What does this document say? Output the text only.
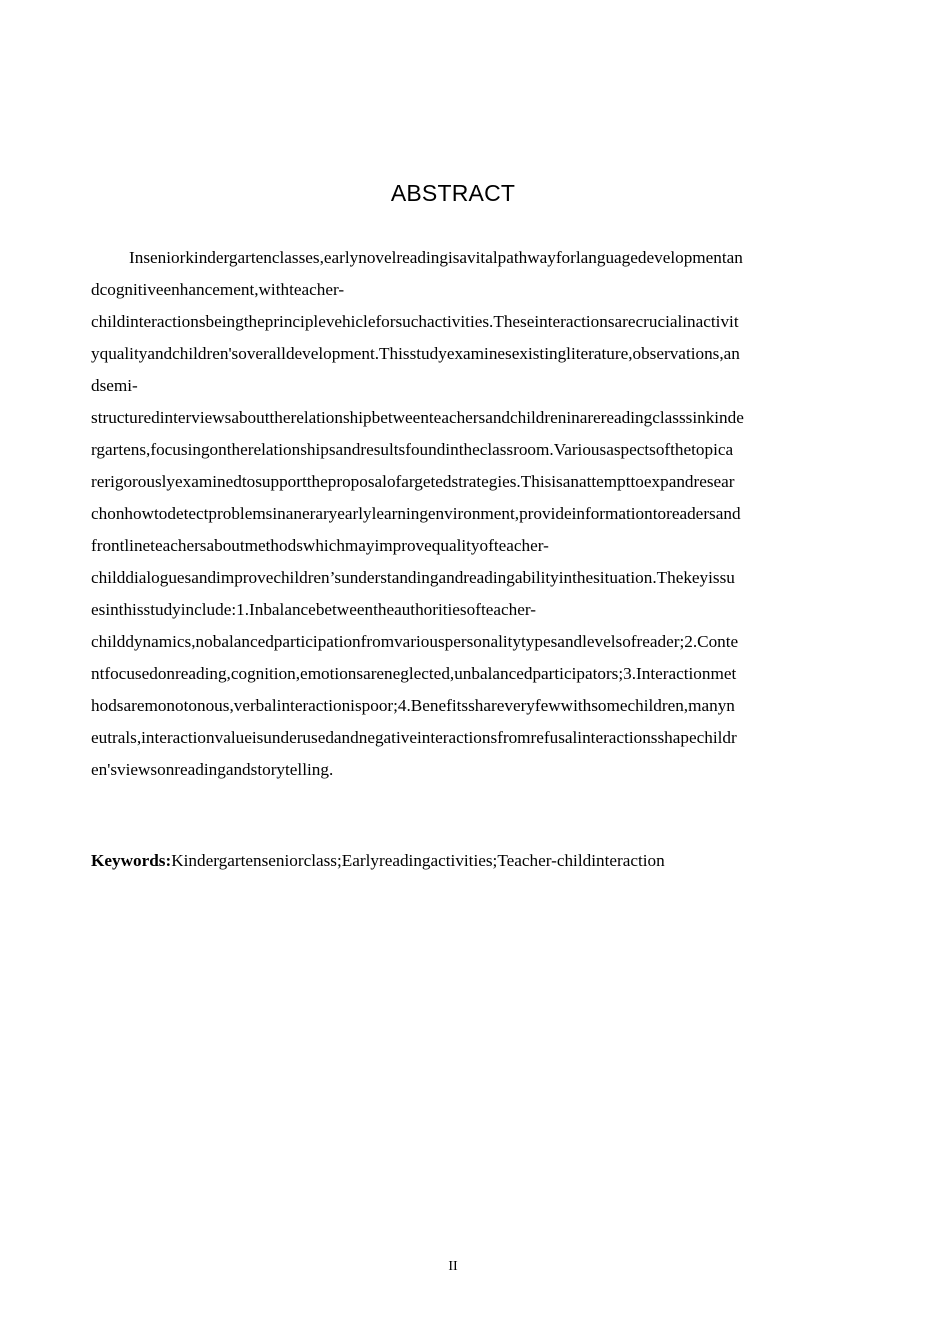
ABSTRACT
Inseniorkindergartenclasses,earlynovelreadingisavitalpathwayforlanguagedevelopmentan
dcognitiveenhancement,withteacher-
childinteractionsbeingtheprinciplevehicleforsuchactivities.Theseinteractionsarecrucialinactivit
yqualityandchildren'soveralldevelopment.Thisstudyexaminesexistingliterature,observations,an
dsemi-
structuredinterviewsabouttherelationshipbetweenteachersandchildreninarereadingclasssinkinde
rgartens,focusingontherelationshipsandresultsfoundintheclassroom.Variousaspectsofthetopica
rerigorouslyexaminedtosupporttheproposalofargetedstrategies.Thisisanattempttoexpandresear
chonhowtodetectproblemsinaneraryearlylearningenvironment,provideinformationtoreadersand
frontlineteachersaboutmethodswhichmayimprovequalityofteacher-
childdialoguesandimprovechildren’sunderstandingandreadingabilityinthesituation.Thekeyissu
esinthisstudyinclude:1.Inbalancebetweentheauthoritiesofteacher-
childdynamics,nobalancedparticipationfromvariouspersonalitytypesandlevelsofreader;2.Conte
ntfocusedonreading,cognition,emotionsareneglected,unbalancedparticipators;3.Interactionmet
hodsaremonotonous,verbalinteractionispoor;4.Benefitsshareveryfewwithsomechildren,manyn
eutrals,interactionvalueisunderusedandnegativeinteractionsfromrefusalinteractionsshapechildr
en'sviewsonreadingandstorytelling.
Keywords:Kindergartenseniorclass;Earlyreadingactivities;Teacher-childinteraction
II
